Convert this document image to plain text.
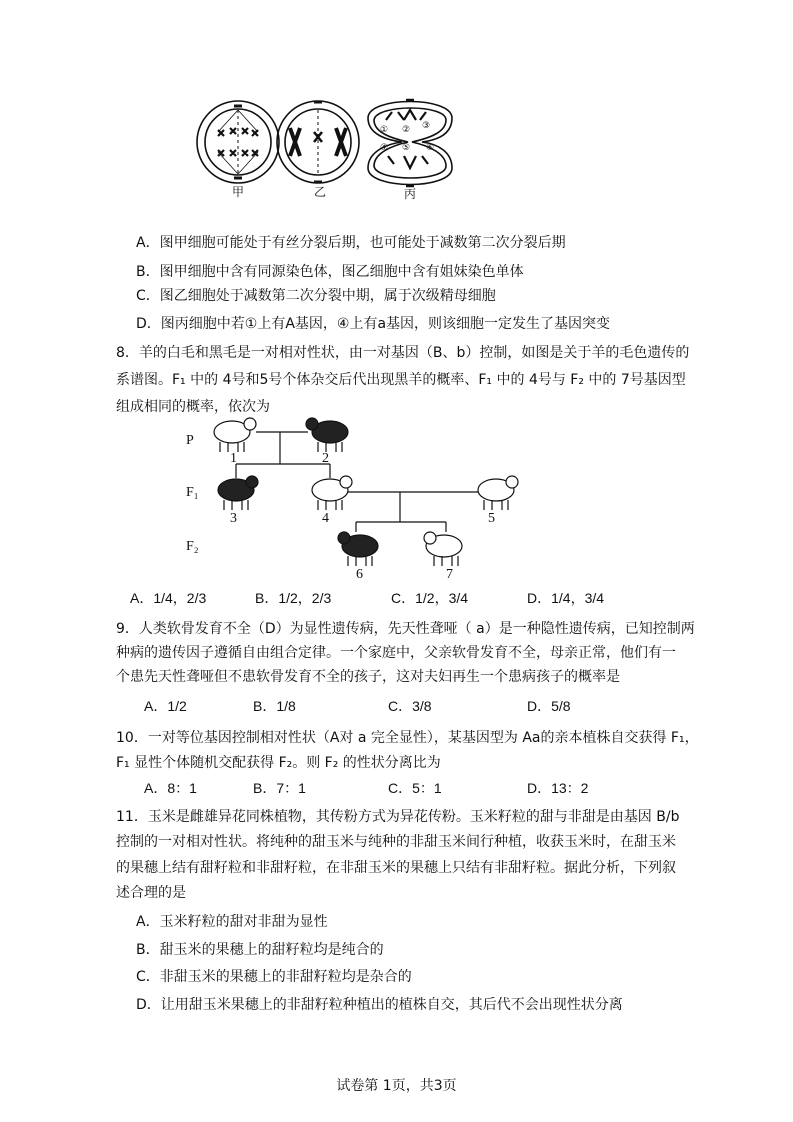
① ② ③
④ ⑤ ⑥
甲	乙	丙
A．图甲细胞可能处于有丝分裂后期，也可能处于减数第二次分裂后期
B．图甲细胞中含有同源染色体，图乙细胞中含有姐妹染色单体
C．图乙细胞处于减数第二次分裂中期，属于次级精母细胞
D．图丙细胞中若①上有A基因，④上有a基因，则该细胞一定发生了基因突变
8．羊的白毛和黑毛是一对相对性状，由一对基因（B、b）控制，如图是关于羊的毛色遗传的
系谱图。F₁ 中的 4号和5号个体杂交后代出现黑羊的概率、F₁ 中的 4号与 F₂ 中的 7号基因型
组成相同的概率，依次为
P
F₁
F₂
1	2
3	4	5
6	7
A．1/4，2/3	B．1/2，2/3	C．1/2，3/4	D．1/4，3/4
9．人类软骨发育不全（D）为显性遗传病，先天性聋哑（ a）是一种隐性遗传病，已知控制两
种病的遗传因子遵循自由组合定律。一个家庭中，父亲软骨发育不全，母亲正常，他们有一
个患先天性聋哑但不患软骨发育不全的孩子，这对夫妇再生一个患病孩子的概率是
A．1/2	B．1/8	C．3/8	D．5/8
10．一对等位基因控制相对性状（A对 a 完全显性），某基因型为 Aa的亲本植株自交获得 F₁，
F₁ 显性个体随机交配获得 F₂。则 F₂ 的性状分离比为
A．8：1	B．7：1	C．5：1	D．13：2
11．玉米是雌雄异花同株植物，其传粉方式为异花传粉。玉米籽粒的甜与非甜是由基因 B/b
控制的一对相对性状。将纯种的甜玉米与纯种的非甜玉米间行种植，收获玉米时，在甜玉米
的果穗上结有甜籽粒和非甜籽粒，在非甜玉米的果穗上只结有非甜籽粒。据此分析，下列叙
述合理的是
A．玉米籽粒的甜对非甜为显性
B．甜玉米的果穗上的甜籽粒均是纯合的
C．非甜玉米的果穗上的非甜籽粒均是杂合的
D．让用甜玉米果穗上的非甜籽粒种植出的植株自交，其后代不会出现性状分离
试卷第 1页，共3页
